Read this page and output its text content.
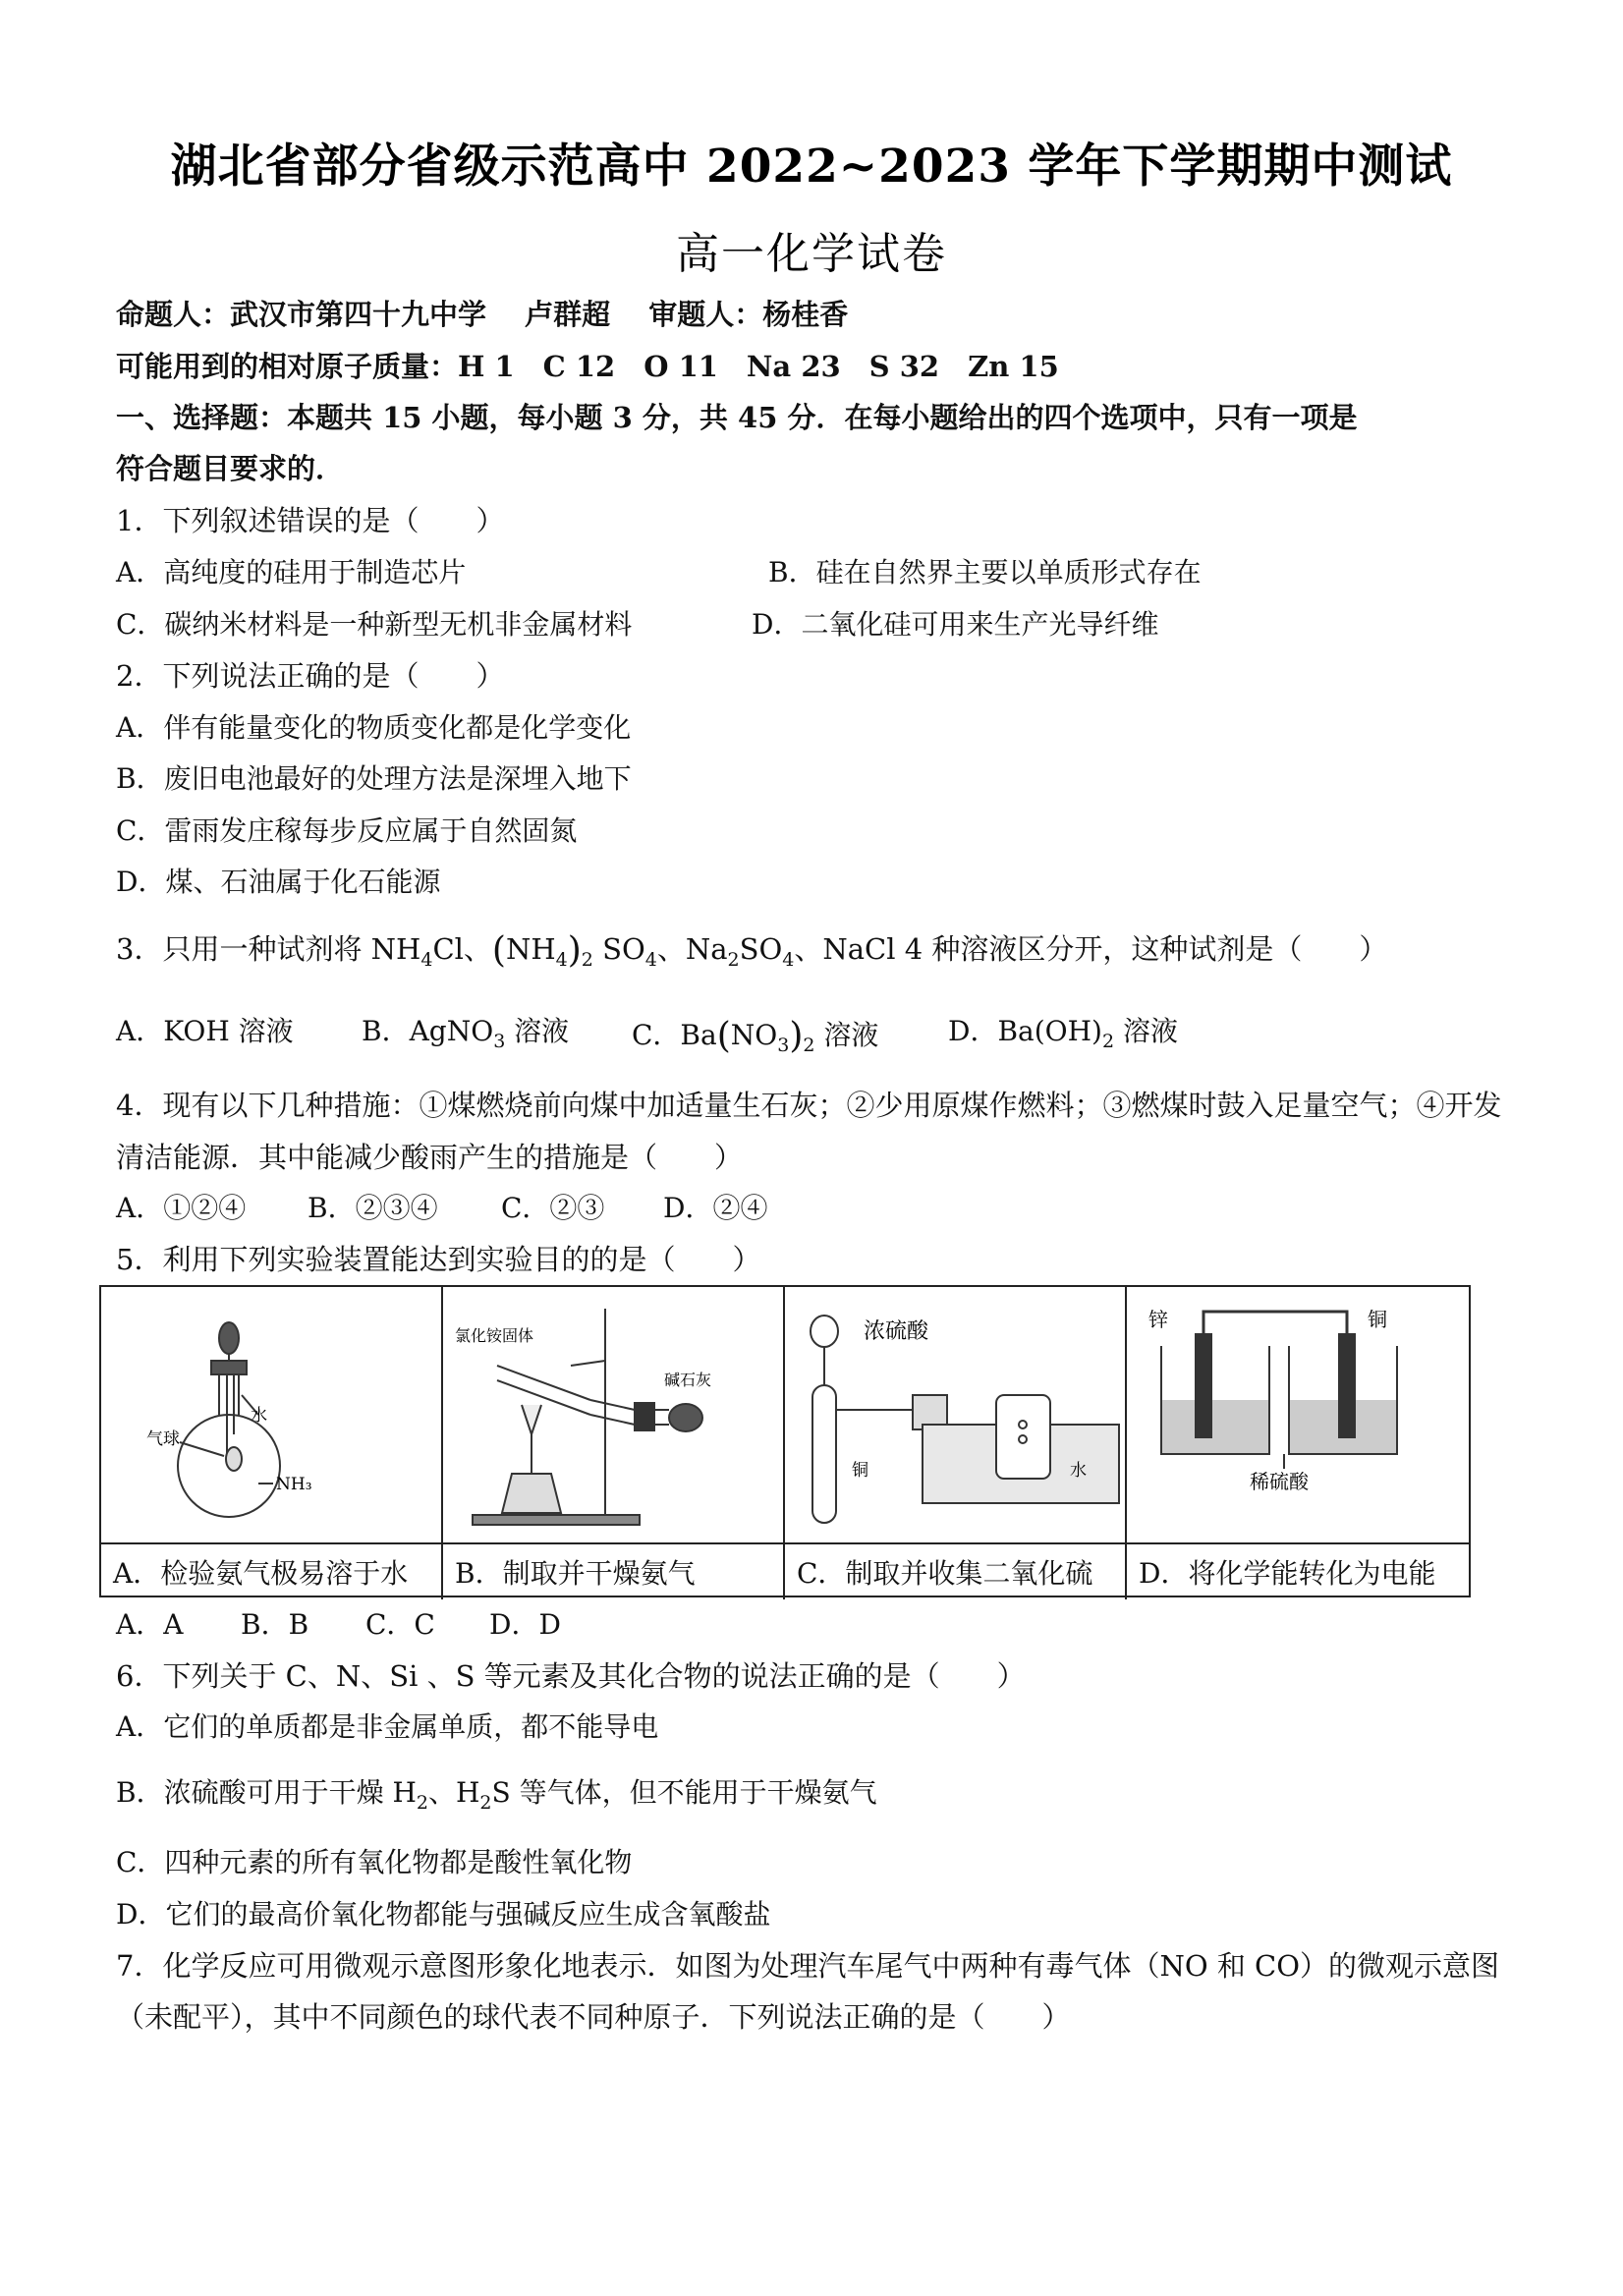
湖北省部分省级示范高中 2022~2023 学年下学期期中测试
高一化学试卷
命题人：武汉市第四十九中学　 卢群超　 审题人：杨桂香
可能用到的相对原子质量：H 1　C 12　O 11　Na 23　S 32　Zn 15
一、选择题：本题共 15 小题，每小题 3 分，共 45 分．在每小题给出的四个选项中，只有一项是
符合题目要求的．
1．下列叙述错误的是（　　）
A．高纯度的硅用于制造芯片	B．硅在自然界主要以单质形式存在
C．碳纳米材料是一种新型无机非金属材料	D．二氧化硅可用来生产光导纤维
2．下列说法正确的是（　　）
A．伴有能量变化的物质变化都是化学变化
B．废旧电池最好的处理方法是深埋入地下
C．雷雨发庄稼每步反应属于自然固氮
D．煤、石油属于化石能源
3．只用一种试剂将 $NH_4Cl$、$(NH_4)_2$ $SO_4$、$Na_2SO_4$、NaCl 4 种溶液区分开，这种试剂是（　　）
A．KOH 溶液 B．AgNO$_3$ 溶液 C．$Ba(NO_3)_2$ 溶液	D．$Ba(OH)_2$ 溶液
4．现有以下几种措施：①煤燃烧前向煤中加适量生石灰；②少用原煤作燃料；③燃煤时鼓入足量空气；④开发
清洁能源．其中能减少酸雨产生的措施是（　　）
A．①②④ B．②③④ C．②③ D．②④
5．利用下列实验装置能达到实验目的的是（　　）
水
气球
NH₃
A．检验氨气极易溶于水
氯化铵固体
碱石灰
B．制取并干燥氨气
浓硫酸
铜	水
C．制取并收集二氧化硫
锌	铜
稀硫酸
D．将化学能转化为电能
A．A B．B C．C D．D
6．下列关于 C、N、Si 、S 等元素及其化合物的说法正确的是（　　）
A．它们的单质都是非金属单质，都不能导电
B．浓硫酸可用于干燥 $H_2$、$H_2S$ 等气体，但不能用于干燥氨气
C．四种元素的所有氧化物都是酸性氧化物
D．它们的最高价氧化物都能与强碱反应生成含氧酸盐
7．化学反应可用微观示意图形象化地表示．如图为处理汽车尾气中两种有毒气体（NO 和 CO）的微观示意图
（未配平），其中不同颜色的球代表不同种原子．下列说法正确的是（　　）
